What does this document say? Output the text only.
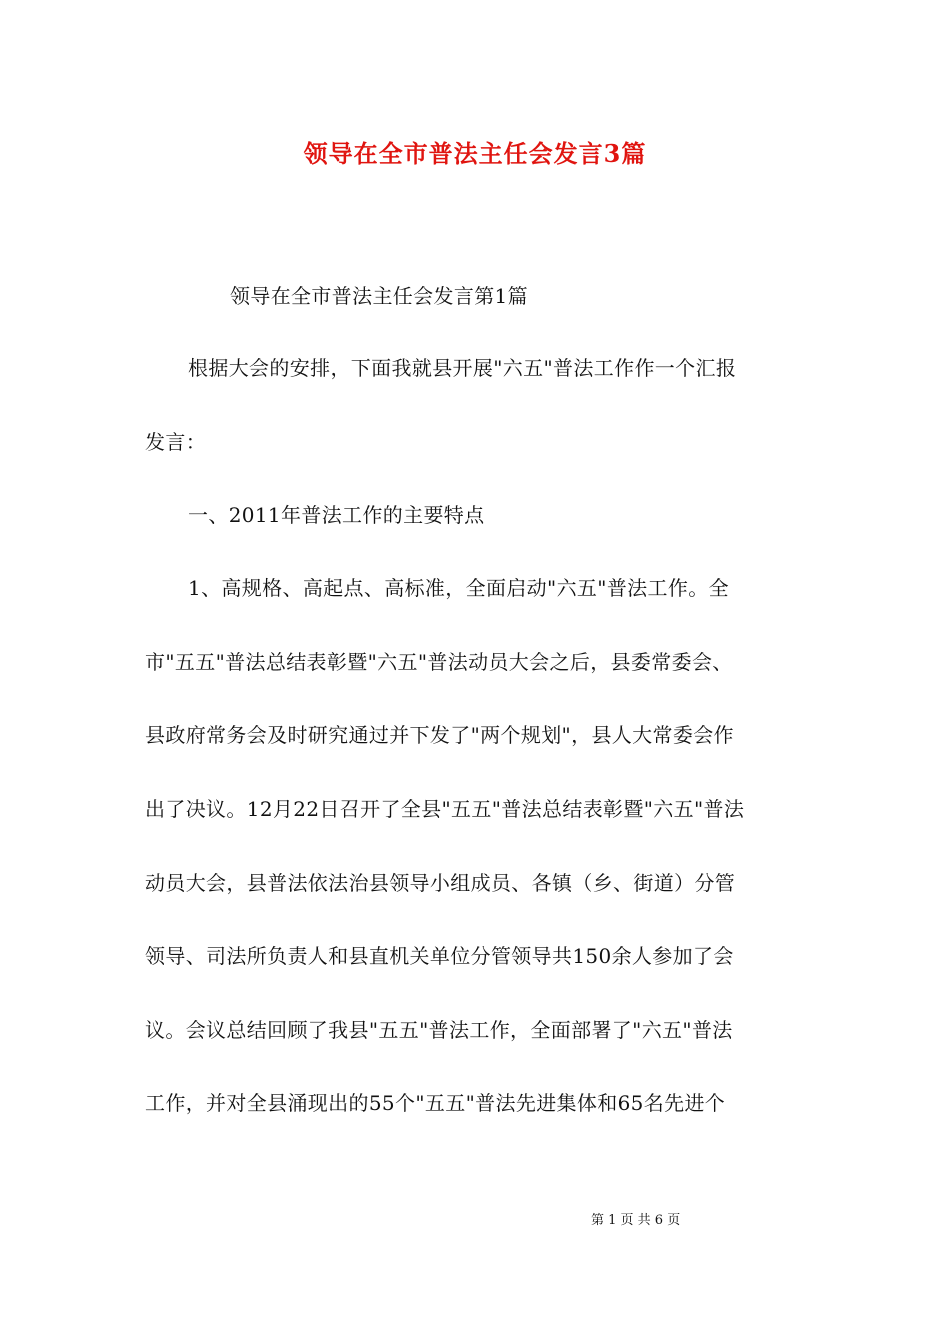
领导在全市普法主任会发言3篇
领导在全市普法主任会发言第1篇
根据大会的安排，下面我就县开展"六五"普法工作作一个汇报
发言：
一、2011年普法工作的主要特点
1、高规格、高起点、高标准，全面启动"六五"普法工作。全
市"五五"普法总结表彰暨"六五"普法动员大会之后，县委常委会、
县政府常务会及时研究通过并下发了"两个规划"，县人大常委会作
出了决议。12月22日召开了全县"五五"普法总结表彰暨"六五"普法
动员大会，县普法依法治县领导小组成员、各镇（乡、街道）分管
领导、司法所负责人和县直机关单位分管领导共150余人参加了会
议。会议总结回顾了我县"五五"普法工作，全面部署了"六五"普法
工作，并对全县涌现出的55个"五五"普法先进集体和65名先进个
第 1 页 共 6 页
